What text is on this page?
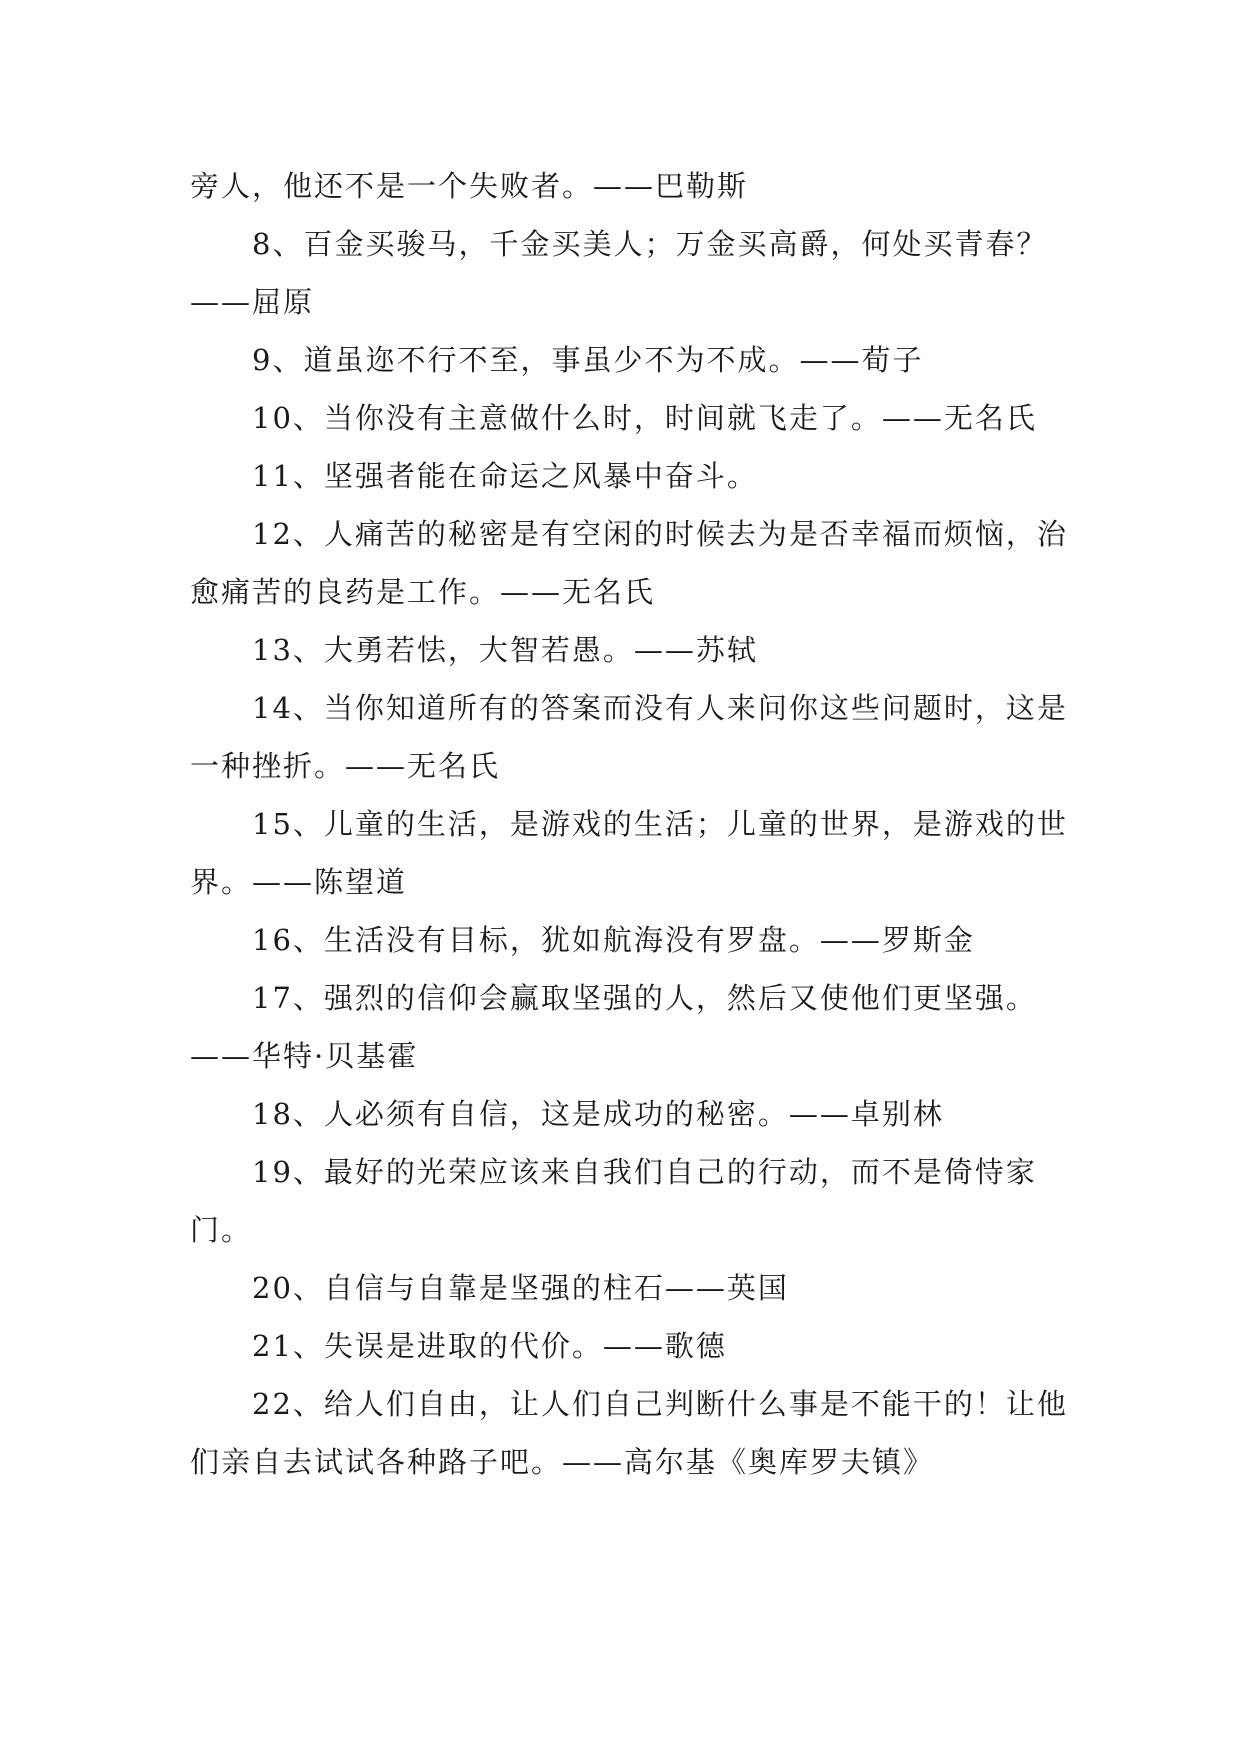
旁人，他还不是一个失败者。——巴勒斯

8、百金买骏马，千金买美人；万金买高爵，何处买青春？——屈原

9、道虽迩不行不至，事虽少不为不成。——荀子

10、当你没有主意做什么时，时间就飞走了。——无名氏

11、坚强者能在命运之风暴中奋斗。

12、人痛苦的秘密是有空闲的时候去为是否幸福而烦恼，治愈痛苦的良药是工作。——无名氏

13、大勇若怯，大智若愚。——苏轼

14、当你知道所有的答案而没有人来问你这些问题时，这是一种挫折。——无名氏

15、儿童的生活，是游戏的生活；儿童的世界，是游戏的世界。——陈望道

16、生活没有目标，犹如航海没有罗盘。——罗斯金

17、强烈的信仰会赢取坚强的人，然后又使他们更坚强。——华特·贝基霍

18、人必须有自信，这是成功的秘密。——卓别林

19、最好的光荣应该来自我们自己的行动，而不是倚恃家门。

20、自信与自靠是坚强的柱石——英国

21、失误是进取的代价。——歌德

22、给人们自由，让人们自己判断什么事是不能干的！让他们亲自去试试各种路子吧。——高尔基《奥库罗夫镇》
